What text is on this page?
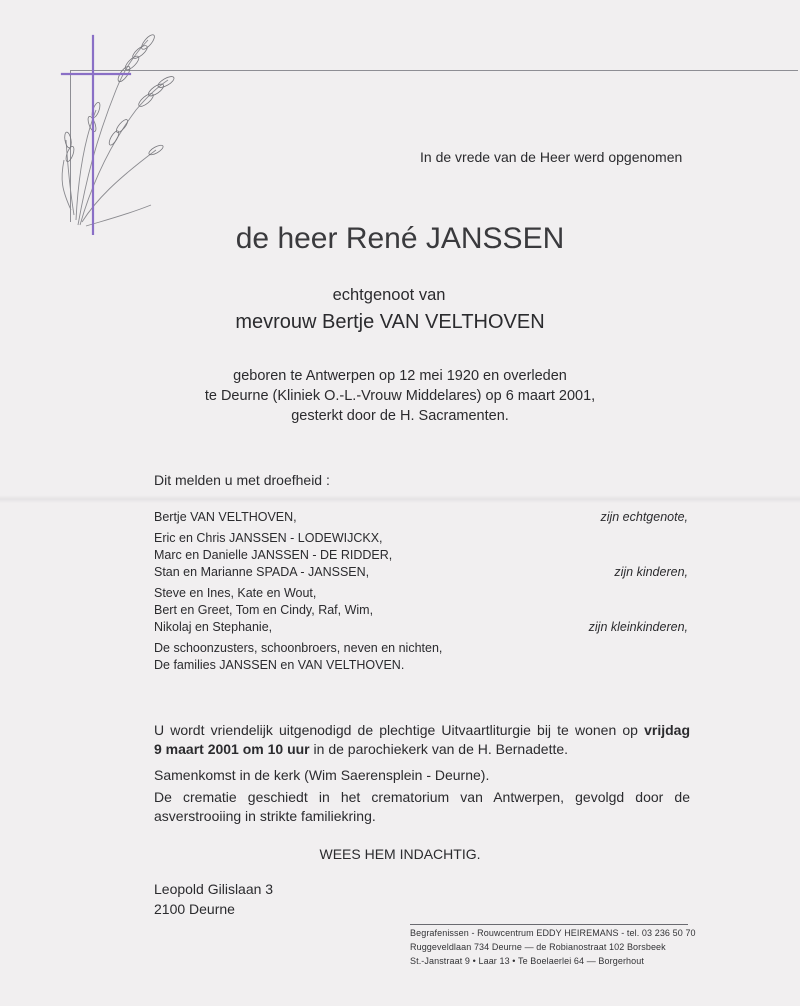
In de vrede van de Heer werd opgenomen

de heer René JANSSEN

echtgenoot van

mevrouw Bertje VAN VELTHOVEN

geboren te Antwerpen op 12 mei 1920 en overleden
te Deurne (Kliniek O.-L.-Vrouw Middelares) op 6 maart 2001,
gesterkt door de H. Sacramenten.

Dit melden u met droefheid :

Bertje VAN VELTHOVEN,	zijn echtgenote,

Eric en Chris JANSSEN - LODEWIJCKX,

Marc en Danielle JANSSEN - DE RIDDER,

Stan en Marianne SPADA - JANSSEN,	zijn kinderen,

Steve en Ines, Kate en Wout,

Bert en Greet, Tom en Cindy, Raf, Wim,

Nikolaj en Stephanie,	zijn kleinkinderen,

De schoonzusters, schoonbroers, neven en nichten,

De families JANSSEN en VAN VELTHOVEN.

U wordt vriendelijk uitgenodigd de plechtige Uitvaartliturgie bij te wonen op vrijdag

9 maart 2001 om 10 uur in de parochiekerk van de H. Bernadette.

Samenkomst in de kerk (Wim Saerensplein - Deurne).

De crematie geschiedt in het crematorium van Antwerpen, gevolgd door de asverstrooiing in strikte familiekring.

WEES HEM INDACHTIG.

Leopold Gilislaan 3

2100 Deurne

Begrafenissen - Rouwcentrum EDDY HEIREMANS - tel. 03 236 50 70

Ruggeveldlaan 734 Deurne — de Robianostraat 102 Borsbeek

St.-Janstraat 9 • Laar 13 • Te Boelaerlei 64 — Borgerhout
